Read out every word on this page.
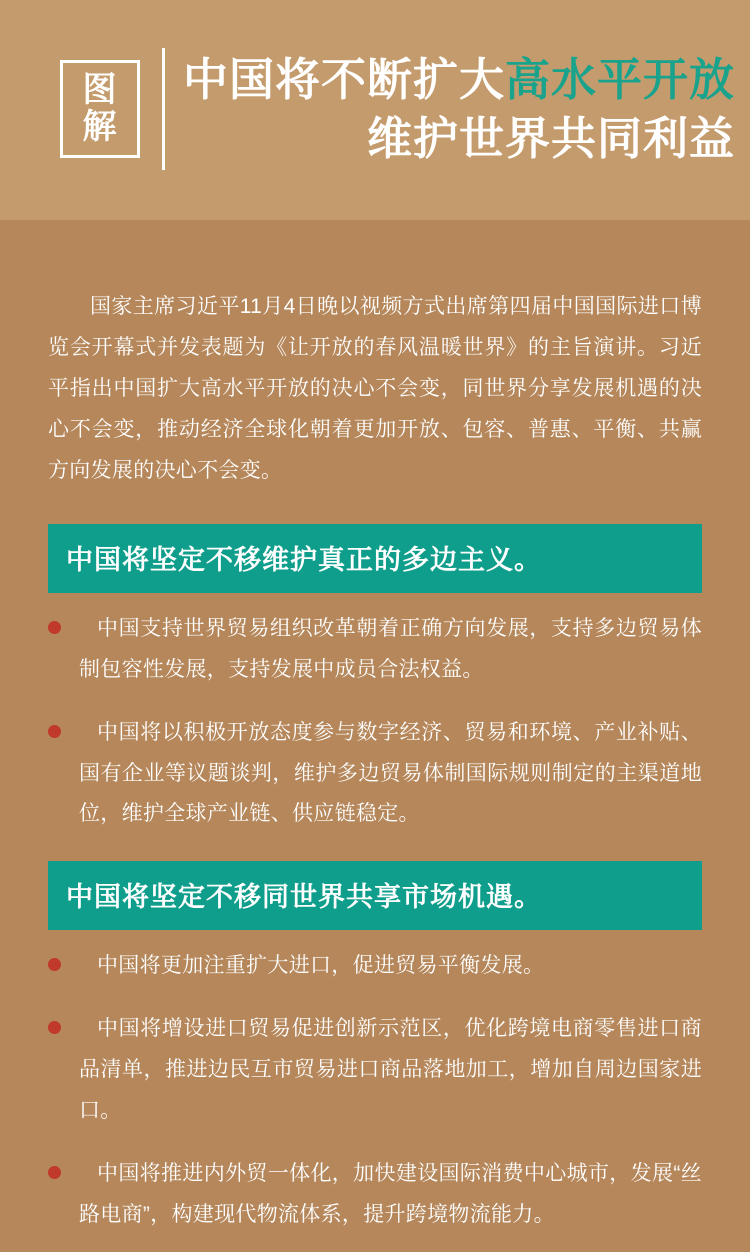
图
解
中国将不断扩大高水平开放
维护世界共同利益

国家主席习近平11月4日晚以视频方式出席第四届中国国际进口博览会开幕式并发表题为《让开放的春风温暖世界》的主旨演讲。习近平指出中国扩大高水平开放的决心不会变，同世界分享发展机遇的决心不会变，推动经济全球化朝着更加开放、包容、普惠、平衡、共赢方向发展的决心不会变。

中国将坚定不移维护真正的多边主义。
中国支持世界贸易组织改革朝着正确方向发展，支持多边贸易体制包容性发展，支持发展中成员合法权益。
中国将以积极开放态度参与数字经济、贸易和环境、产业补贴、国有企业等议题谈判，维护多边贸易体制国际规则制定的主渠道地位，维护全球产业链、供应链稳定。
中国将坚定不移同世界共享市场机遇。
中国将更加注重扩大进口，促进贸易平衡发展。
中国将增设进口贸易促进创新示范区，优化跨境电商零售进口商品清单，推进边民互市贸易进口商品落地加工，增加自周边国家进口。
中国将推进内外贸一体化，加快建设国际消费中心城市，发展“丝路电商”，构建现代物流体系，提升跨境物流能力。
